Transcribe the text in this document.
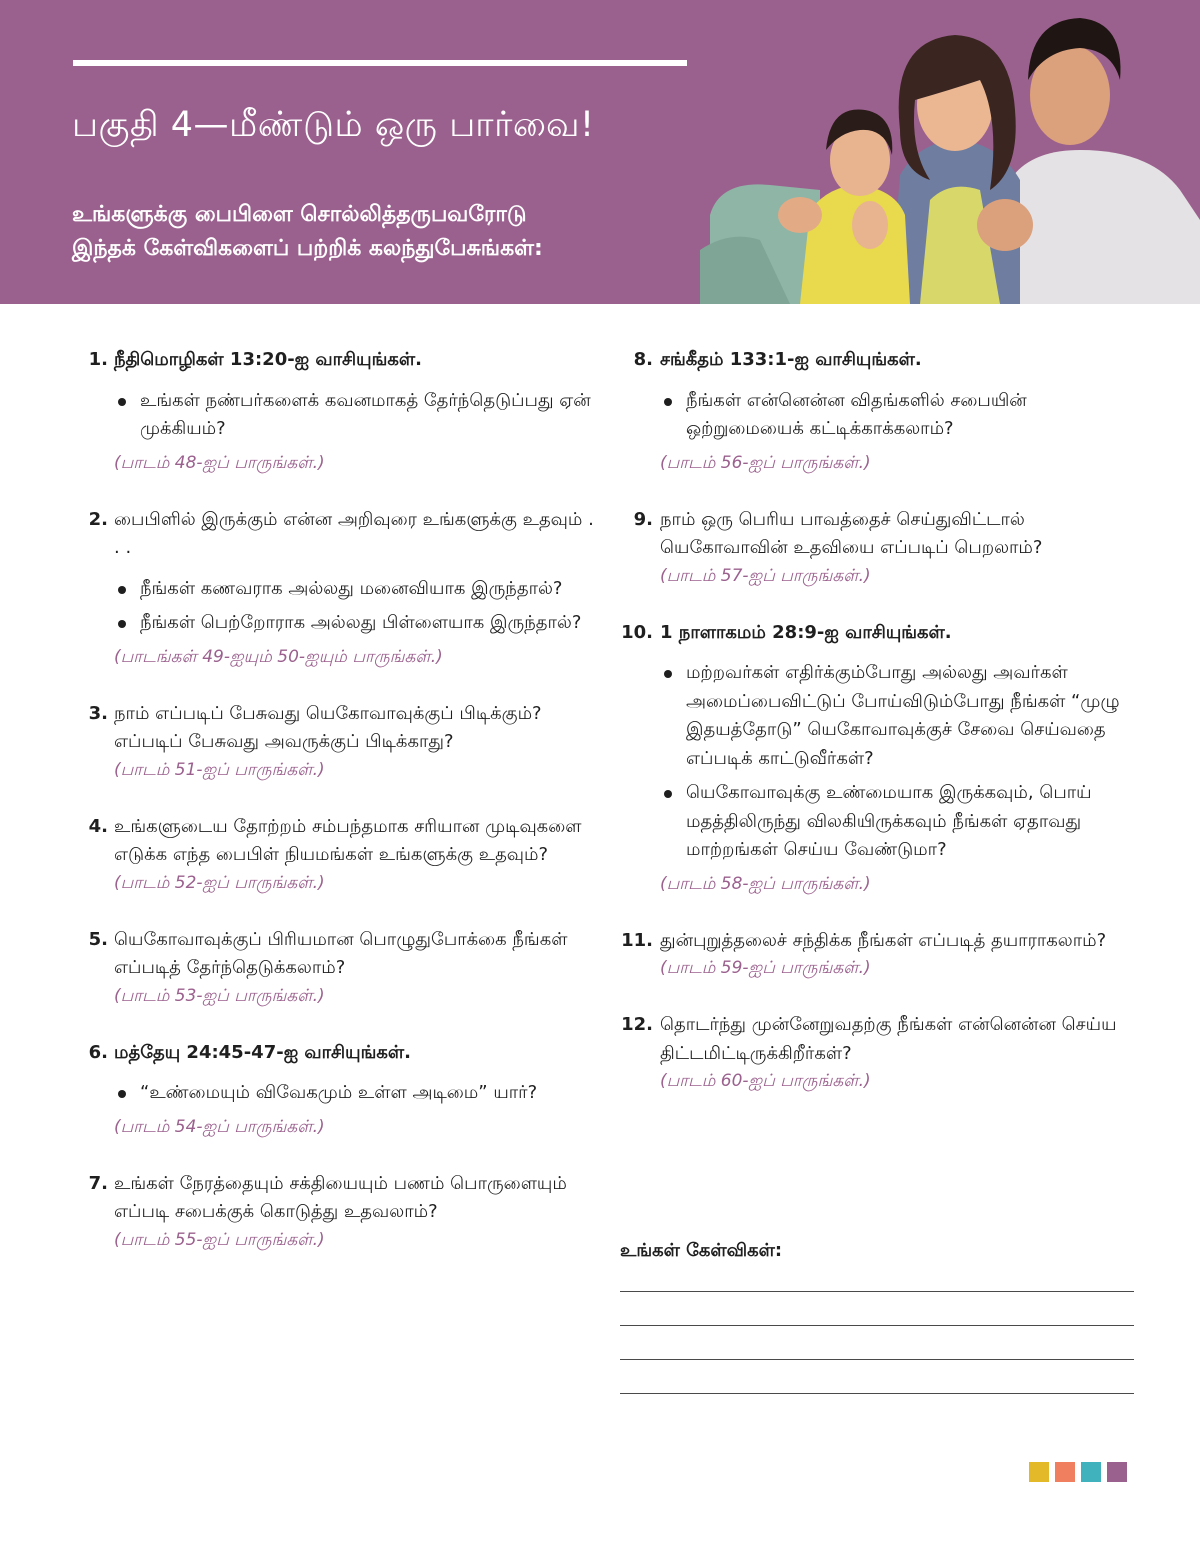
பகுதி 4—மீண்டும் ஒரு பார்வை!
உங்களுக்கு பைபிளை சொல்லித்தருபவரோடு
இந்தக் கேள்விகளைப் பற்றிக் கலந்துபேசுங்கள்:
1. நீதிமொழிகள் 13:20-ஐ வாசியுங்கள்.
உங்கள் நண்பர்களைக் கவனமாகத் தேர்ந்தெடுப்பது ஏன் முக்கியம்?
(பாடம் 48-ஐப் பாருங்கள்.)
2. பைபிளில் இருக்கும் என்ன அறிவுரை உங்களுக்கு உதவும் . . .
நீங்கள் கணவராக அல்லது மனைவியாக இருந்தால்?
நீங்கள் பெற்றோராக அல்லது பிள்ளையாக இருந்தால்?
(பாடங்கள் 49-ஐயும் 50-ஐயும் பாருங்கள்.)
3. நாம் எப்படிப் பேசுவது யெகோவாவுக்குப் பிடிக்கும்? எப்படிப் பேசுவது அவருக்குப் பிடிக்காது?
(பாடம் 51-ஐப் பாருங்கள்.)
4. உங்களுடைய தோற்றம் சம்பந்தமாக சரியான முடிவுகளை எடுக்க எந்த பைபிள் நியமங்கள் உங்களுக்கு உதவும்?
(பாடம் 52-ஐப் பாருங்கள்.)
5. யெகோவாவுக்குப் பிரியமான பொழுதுபோக்கை நீங்கள் எப்படித் தேர்ந்தெடுக்கலாம்?
(பாடம் 53-ஐப் பாருங்கள்.)
6. மத்தேயு 24:45-47-ஐ வாசியுங்கள்.
“உண்மையும் விவேகமும் உள்ள அடிமை” யார்?
(பாடம் 54-ஐப் பாருங்கள்.)
7. உங்கள் நேரத்தையும் சக்தியையும் பணம் பொருளையும் எப்படி சபைக்குக் கொடுத்து உதவலாம்?
(பாடம் 55-ஐப் பாருங்கள்.)
8. சங்கீதம் 133:1-ஐ வாசியுங்கள்.
நீங்கள் என்னென்ன விதங்களில் சபையின் ஒற்றுமையைக் கட்டிக்காக்கலாம்?
(பாடம் 56-ஐப் பாருங்கள்.)
9. நாம் ஒரு பெரிய பாவத்தைச் செய்துவிட்டால் யெகோவாவின் உதவியை எப்படிப் பெறலாம்?
(பாடம் 57-ஐப் பாருங்கள்.)
10. 1 நாளாகமம் 28:9-ஐ வாசியுங்கள்.
மற்றவர்கள் எதிர்க்கும்போது அல்லது அவர்கள் அமைப்பைவிட்டுப் போய்விடும்போது நீங்கள் “முழு இதயத்தோடு” யெகோவாவுக்குச் சேவை செய்வதை எப்படிக் காட்டுவீர்கள்?
யெகோவாவுக்கு உண்மையாக இருக்கவும், பொய் மதத்திலிருந்து விலகியிருக்கவும் நீங்கள் ஏதாவது மாற்றங்கள் செய்ய வேண்டுமா?
(பாடம் 58-ஐப் பாருங்கள்.)
11. துன்புறுத்தலைச் சந்திக்க நீங்கள் எப்படித் தயாராகலாம்?
(பாடம் 59-ஐப் பாருங்கள்.)
12. தொடர்ந்து முன்னேறுவதற்கு நீங்கள் என்னென்ன செய்ய திட்டமிட்டிருக்கிறீர்கள்?
(பாடம் 60-ஐப் பாருங்கள்.)
உங்கள் கேள்விகள்:
